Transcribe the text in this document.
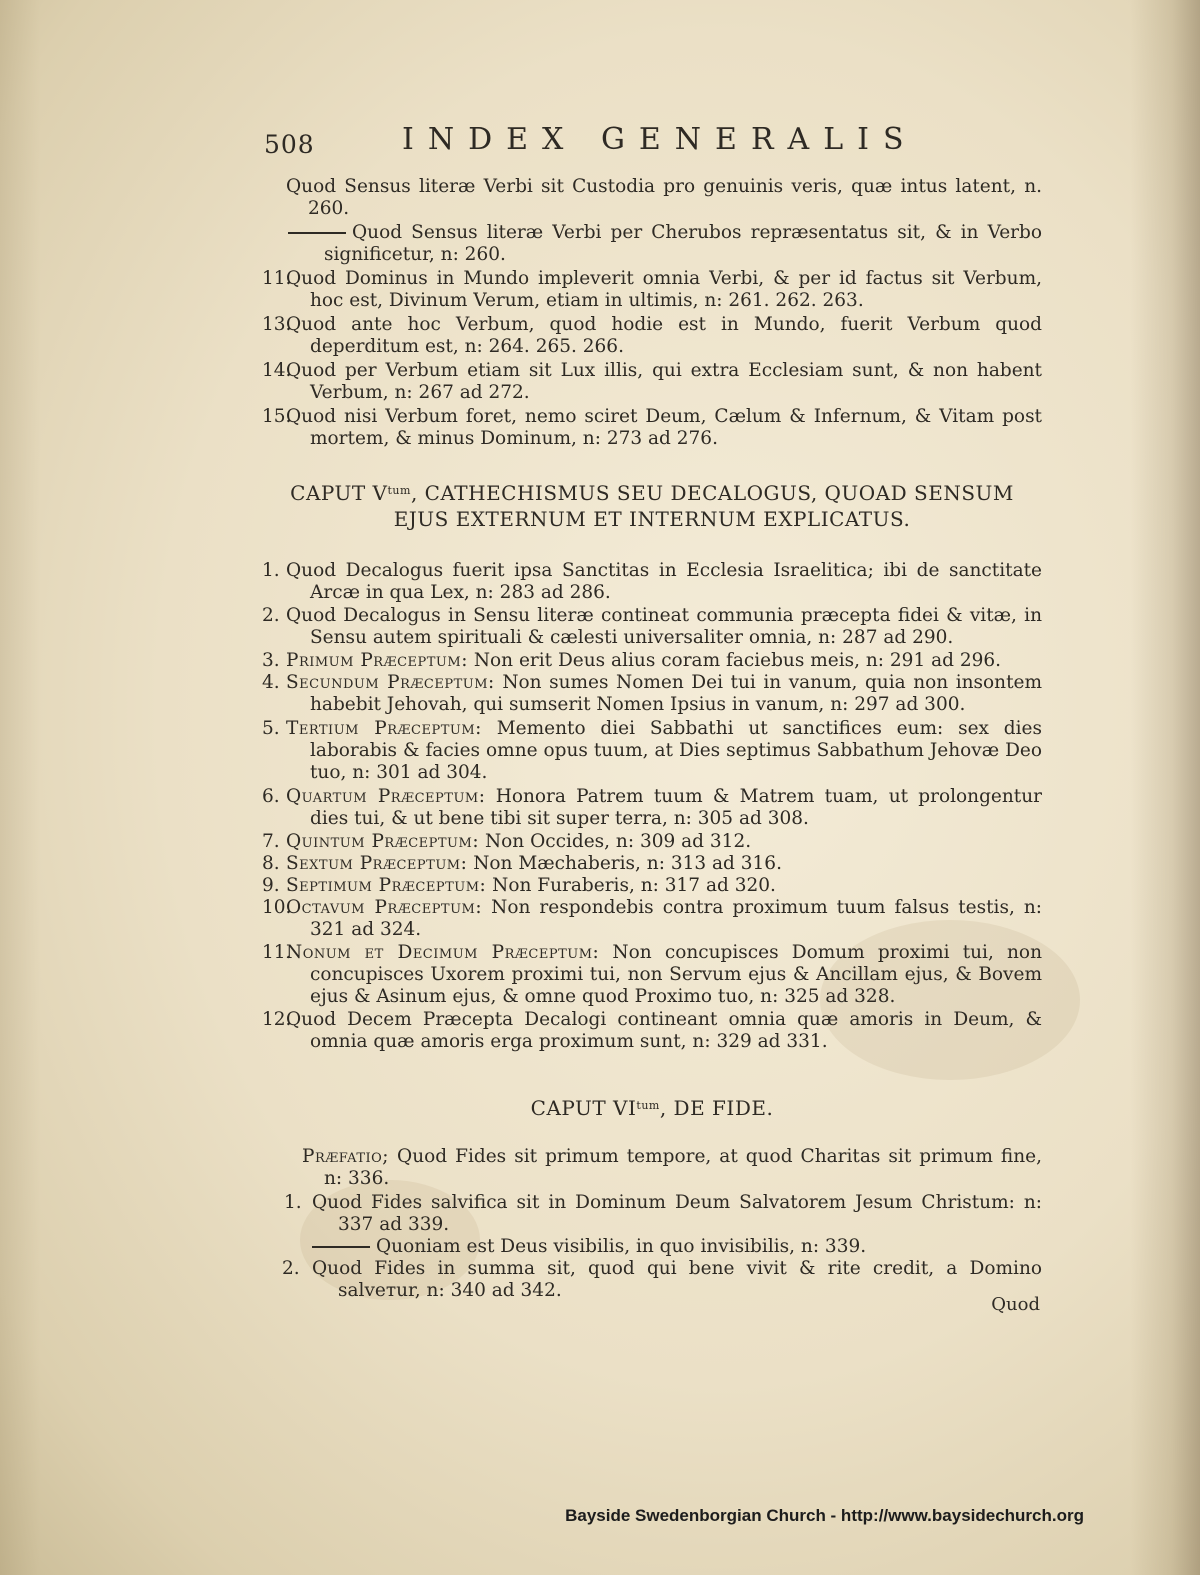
508	INDEX GENERALIS

Quod Sensus literæ Verbi sit Custodia pro genuinis veris, quæ intus latent, n. 260.

Quod Sensus literæ Verbi per Cherubos repræsentatus sit, & in Verbo significetur, n: 260.

11.
Quod Dominus in Mundo impleverit omnia Verbi, & per id factus sit Verbum, hoc est, Divinum Verum, etiam in ultimis, n: 261. 262. 263.

13.
Quod ante hoc Verbum, quod hodie est in Mundo, fuerit Verbum quod deperditum est, n: 264. 265. 266.

14.
Quod per Verbum etiam sit Lux illis, qui extra Ecclesiam sunt, & non habent Verbum, n: 267 ad 272.

15.
Quod nisi Verbum foret, nemo sciret Deum, Cælum & Infernum, & Vitam post mortem, & minus Dominum, n: 273 ad 276.

CAPUT $V^{tum}$, CATHECHISMUS SEU DECALOGUS, QUOAD SENSUM
EJUS EXTERNUM ET INTERNUM EXPLICATUS.

1. Quod Decalogus fuerit ipsa Sanctitas in Ecclesia Israelitica; ibi de sanctitate Arcæ in qua Lex, n: 283 ad 286.

2. Quod Decalogus in Sensu literæ contineat communia præcepta fidei & vitæ, in Sensu autem spirituali & cælesti universaliter omnia, n: 287 ad 290.

3. Primum Præceptum: Non erit Deus alius coram faciebus meis, n: 291 ad 296.

4. Secundum Præceptum: Non sumes Nomen Dei tui in vanum, quia non insontem habebit Jehovah, qui sumserit Nomen Ipsius in vanum, n: 297 ad 300.

5. Tertium Præceptum: Memento diei Sabbathi ut sanctifices eum: sex dies laborabis & facies omne opus tuum, at Dies septimus Sabbathum Jehovæ Deo tuo, n: 301 ad 304.

6. Quartum Præceptum: Honora Patrem tuum & Matrem tuam, ut prolongentur dies tui, & ut bene tibi sit super terra, n: 305 ad 308.

7. Quintum Præceptum: Non Occides, n: 309 ad 312.

8. Sextum Præceptum: Non Mæchaberis, n: 313 ad 316.

9. Septimum Præceptum: Non Furaberis, n: 317 ad 320.

10.
Octavum Præceptum: Non respondebis contra proximum tuum falsus testis, n: 321 ad 324.

11.
Nonum et Decimum Præceptum: Non concupisces Domum proximi tui, non concupisces Uxorem proximi tui, non Servum ejus & Ancillam ejus, & Bovem ejus & Asinum ejus, & omne quod Proximo tuo, n: 325 ad 328.

12.
Quod Decem Præcepta Decalogi contineant omnia quæ amoris in Deum, & omnia quæ amoris erga proximum sunt, n: 329 ad 331.

CAPUT $VI^{tum}$, DE FIDE.

Præfatio; Quod Fides sit primum tempore, at quod Charitas sit primum fine, n: 336.

1. Quod Fides salvifica sit in Dominum Deum Salvatorem Jesum Christum: n: 337 ad 339.

Quoniam est Deus visibilis, in quo invisibilis, n: 339.

2. Quod Fides in summa sit, quod qui bene vivit & rite credit, a Domino salveтur, n: 340 ad 342.

Quod
Bayside Swedenborgian Church - http://www.baysidechurch.org
